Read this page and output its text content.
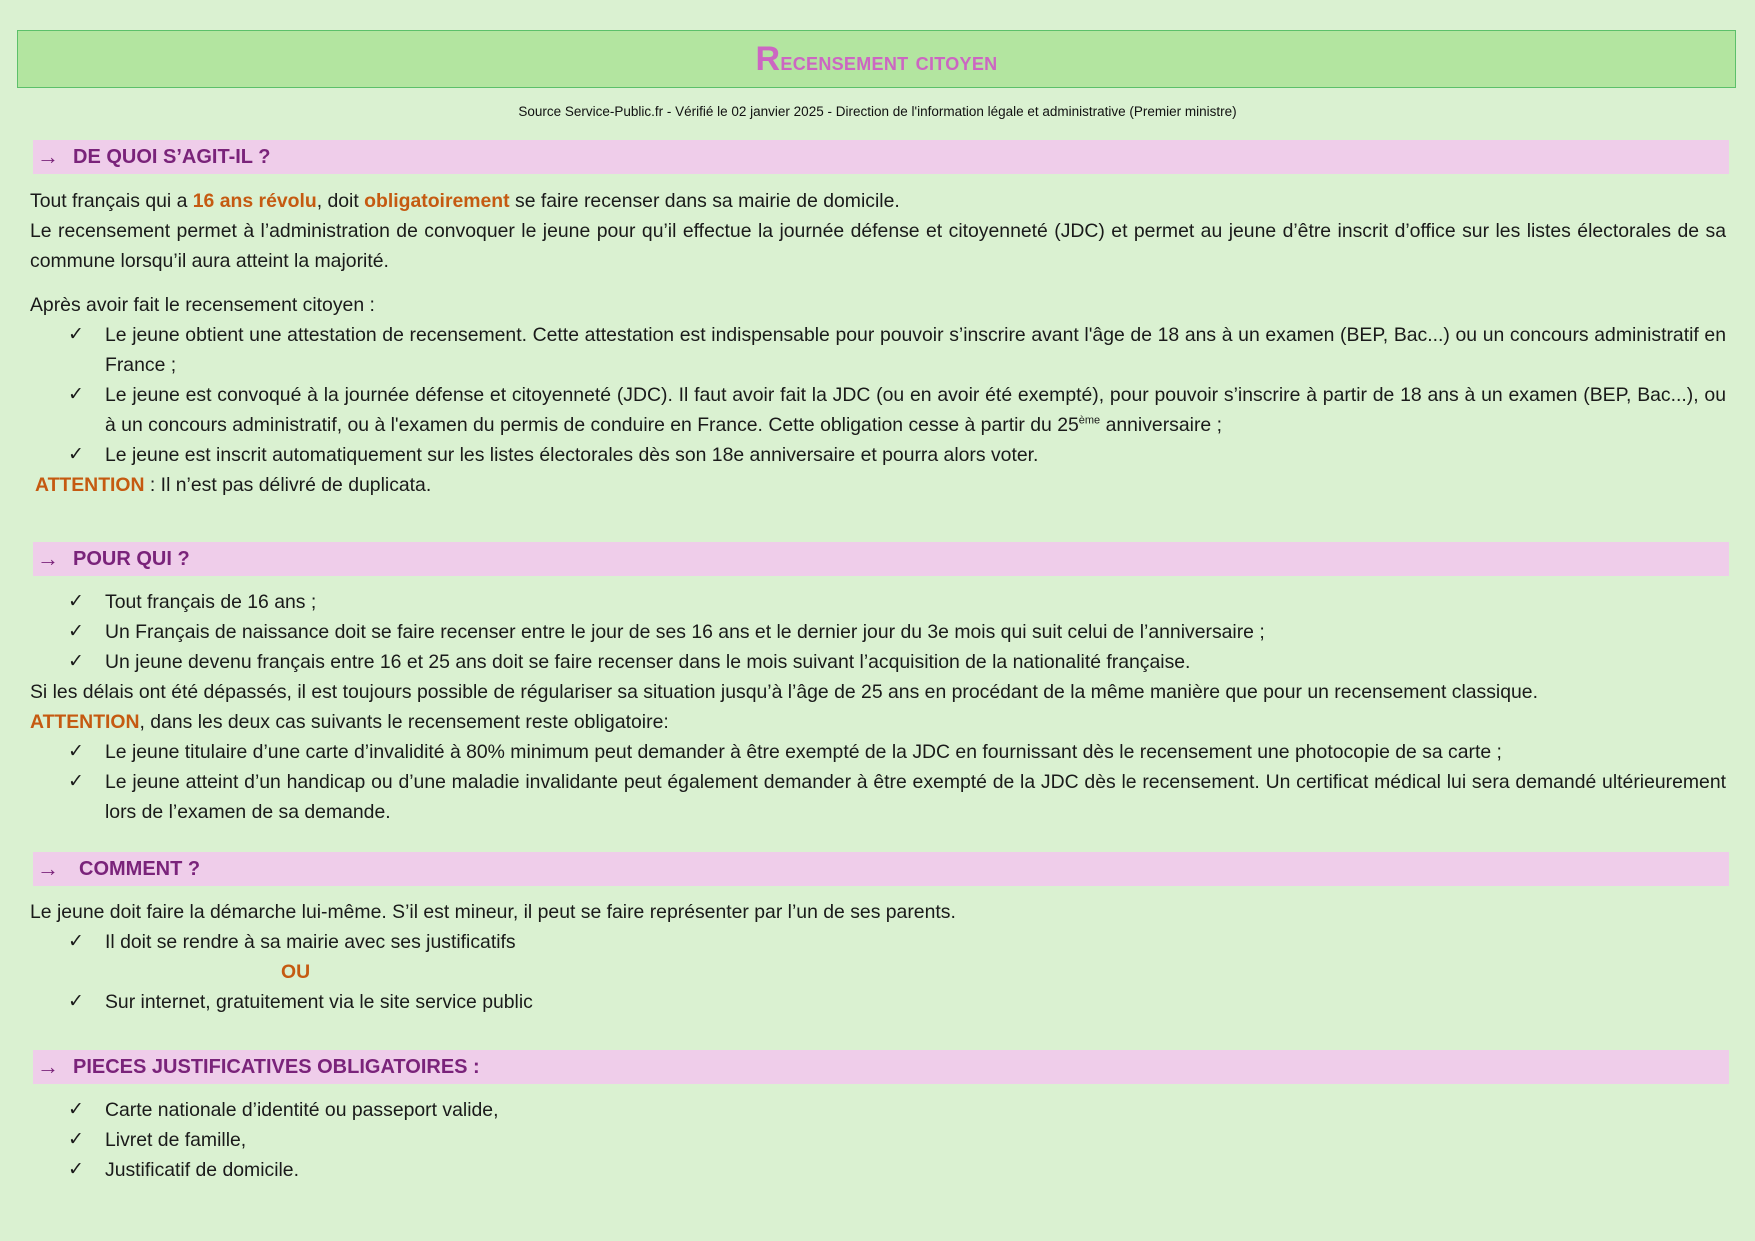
Recensement citoyen
Source Service-Public.fr - Vérifié le 02 janvier 2025 - Direction de l'information légale et administrative (Premier ministre)
→ DE QUOI S’AGIT-IL ?

Tout français qui a 16 ans révolu, doit obligatoirement se faire recenser dans sa mairie de domicile.

Le recensement permet à l’administration de convoquer le jeune pour qu’il effectue la journée défense et citoyenneté (JDC) et permet au jeune d’être inscrit d’office sur les listes électorales de sa commune lorsqu’il aura atteint la majorité.

Après avoir fait le recensement citoyen :

✓ Le jeune obtient une attestation de recensement. Cette attestation est indispensable pour pouvoir s’inscrire avant l'âge de 18 ans à un examen (BEP, Bac...) ou un concours administratif en France ;
✓ Le jeune est convoqué à la journée défense et citoyenneté (JDC). Il faut avoir fait la JDC (ou en avoir été exempté), pour pouvoir s’inscrire à partir de 18 ans à un examen (BEP, Bac...), ou à un concours administratif, ou à l'examen du permis de conduire en France. Cette obligation cesse à partir du 25ème anniversaire ;
✓ Le jeune est inscrit automatiquement sur les listes électorales dès son 18e anniversaire et pourra alors voter.

ATTENTION : Il n’est pas délivré de duplicata.

→ POUR QUI ?
✓ Tout français de 16 ans ;
✓ Un Français de naissance doit se faire recenser entre le jour de ses 16 ans et le dernier jour du 3e mois qui suit celui de l’anniversaire ;
✓ Un jeune devenu français entre 16 et 25 ans doit se faire recenser dans le mois suivant l’acquisition de la nationalité française.

Si les délais ont été dépassés, il est toujours possible de régulariser sa situation jusqu’à l’âge de 25 ans en procédant de la même manière que pour un recensement classique.

ATTENTION, dans les deux cas suivants le recensement reste obligatoire:

✓ Le jeune titulaire d’une carte d’invalidité à 80% minimum peut demander à être exempté de la JDC en fournissant dès le recensement une photocopie de sa carte ;
✓ Le jeune atteint d’un handicap ou d’une maladie invalidante peut également demander à être exempté de la JDC dès le recensement. Un certificat médical lui sera demandé ultérieurement lors de l’examen de sa demande.
→ COMMENT ?

Le jeune doit faire la démarche lui-même. S’il est mineur, il peut se faire représenter par l’un de ses parents.

✓ Il doit se rendre à sa mairie avec ses justificatifs

OU

✓ Sur internet, gratuitement via le site service public
→ PIECES JUSTIFICATIVES OBLIGATOIRES :
✓ Carte nationale d’identité ou passeport valide,
✓ Livret de famille,
✓ Justificatif de domicile.
